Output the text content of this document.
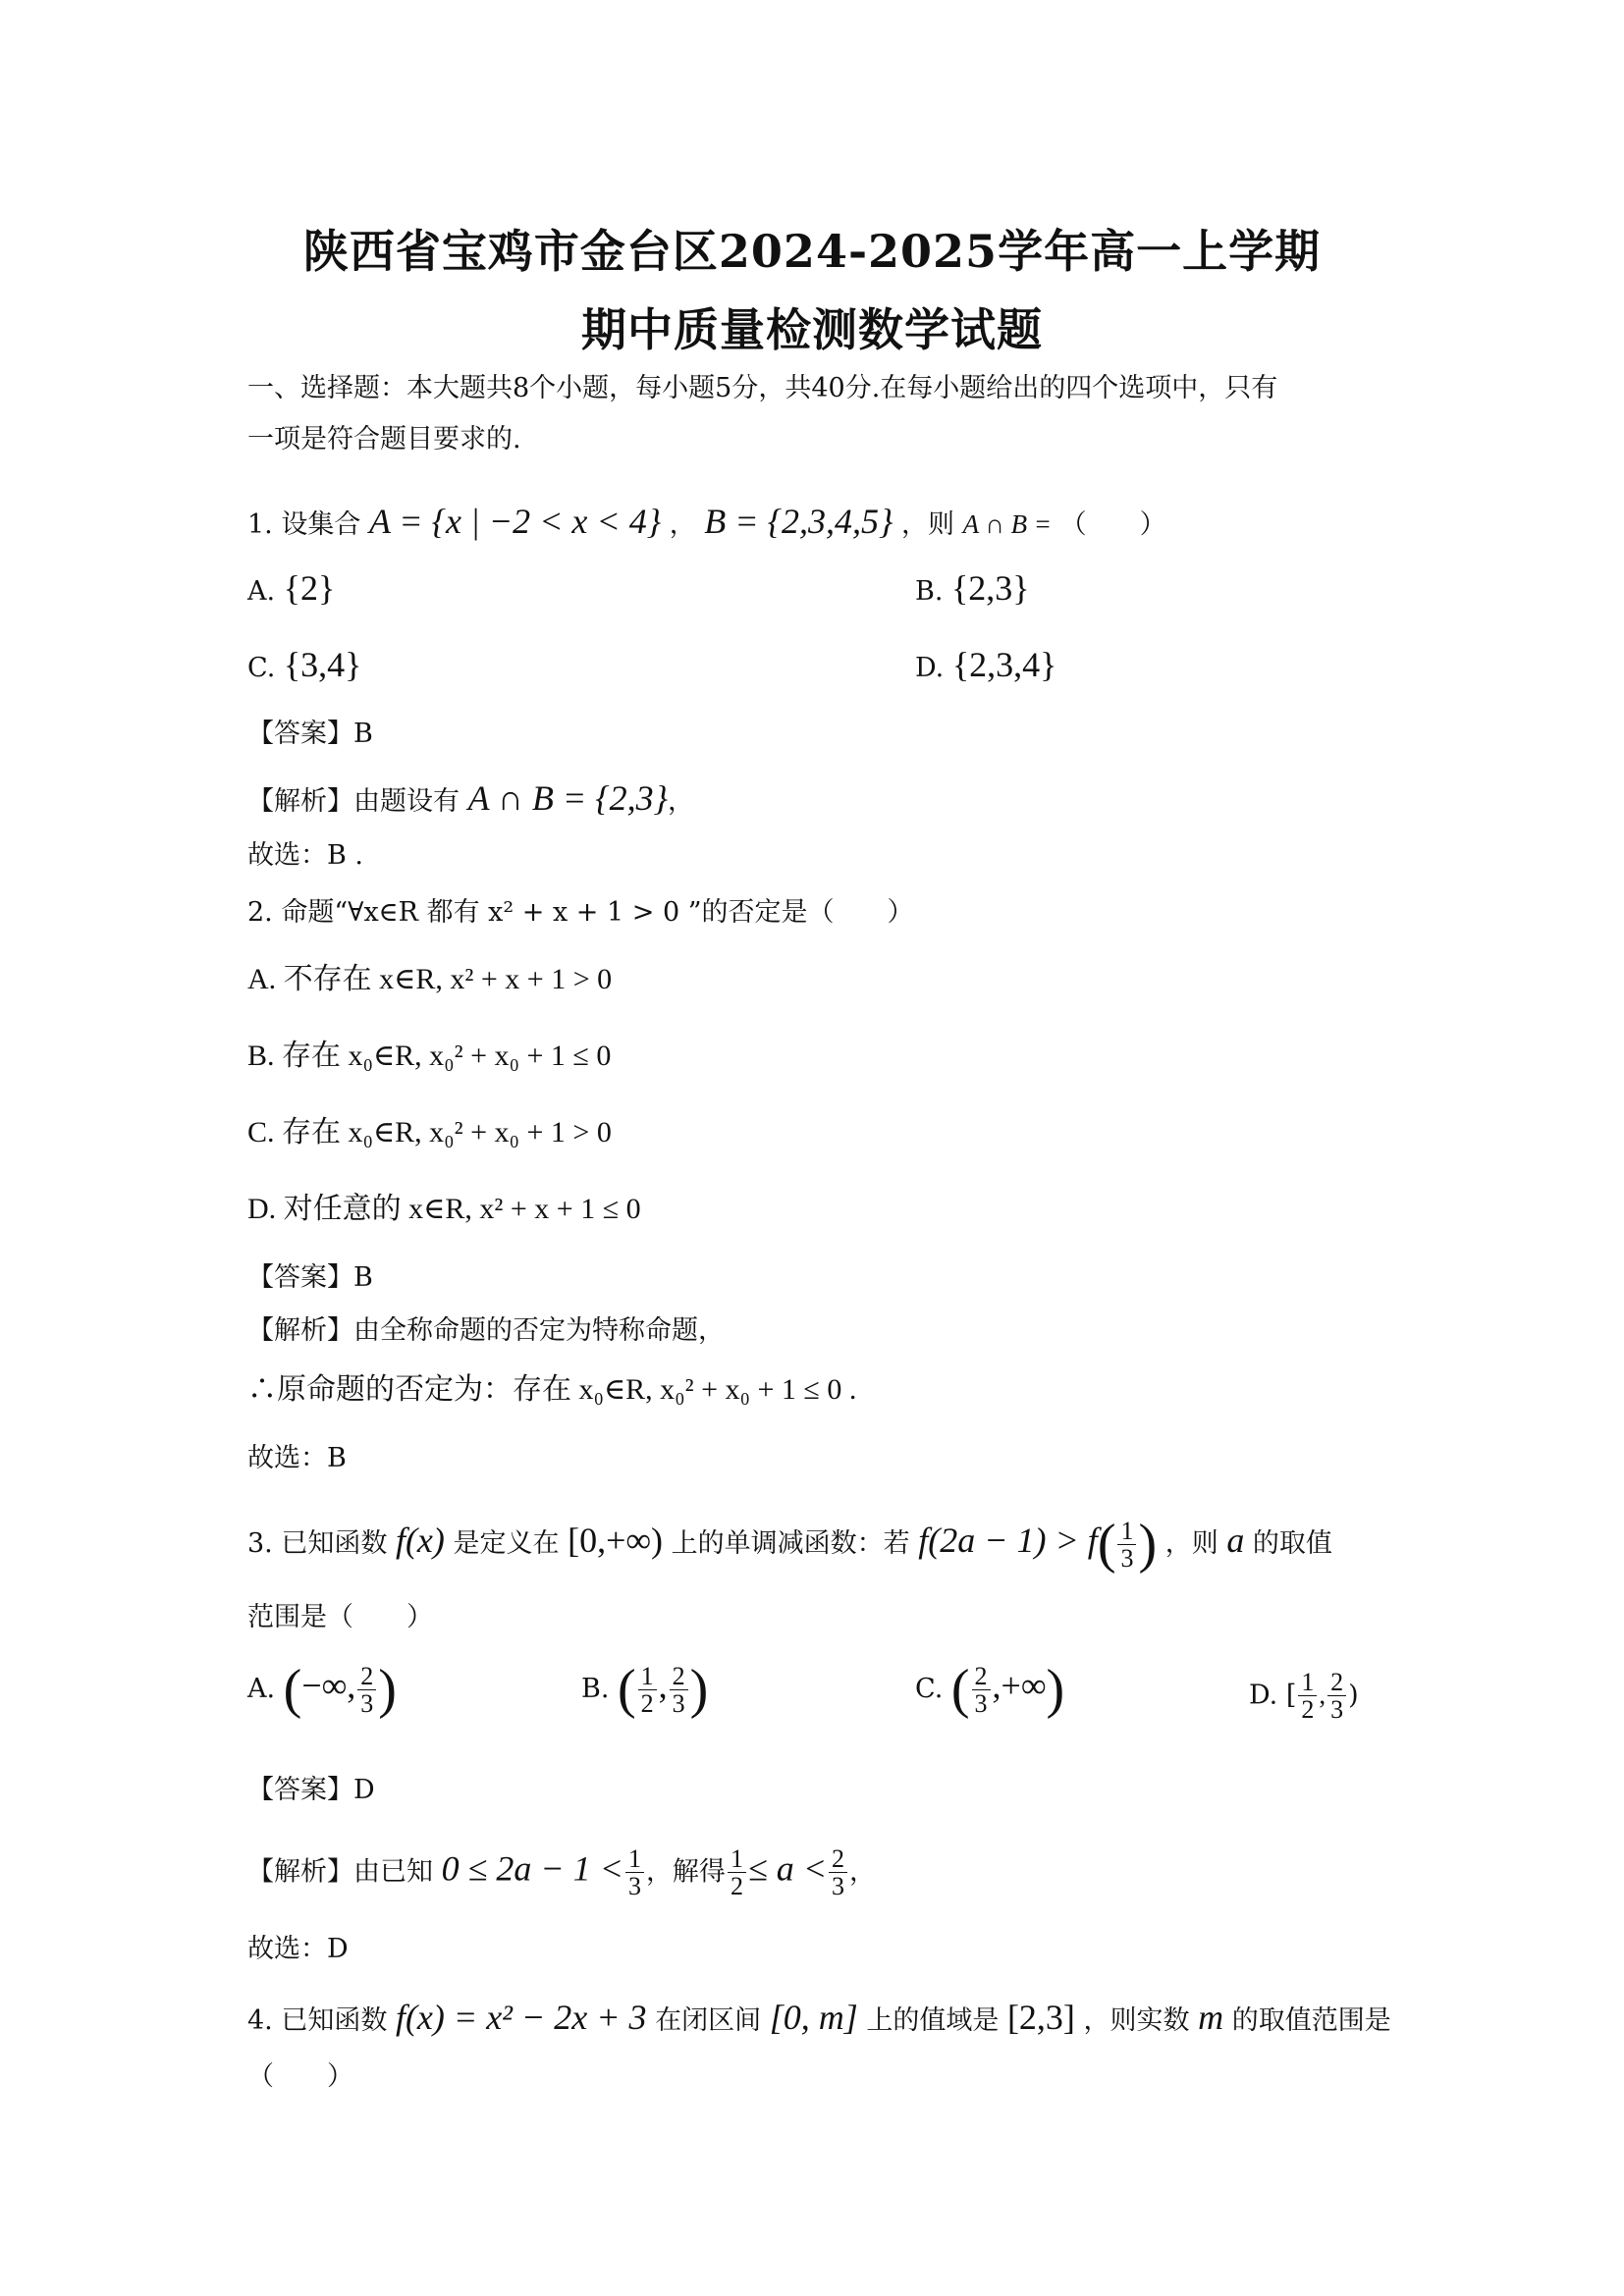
陕西省宝鸡市金台区2024-2025学年高一上学期
期中质量检测数学试题
一、选择题：本大题共8个小题，每小题5分，共40分.在每小题给出的四个选项中，只有
一项是符合题目要求的.
1. 设集合 A = {x | −2 < x < 4} ， B = {2,3,4,5} ，则 A ∩ B = （　　）
A. {2}	B. {2,3}
C. {3,4}	D. {2,3,4}
【答案】B
【解析】由题设有 A ∩ B = {2,3}，
故选：B .
2. 命题“∀x∈R 都有 x² + x + 1 > 0 ”的否定是（　　）
A. 不存在 x∈R, x² + x + 1 > 0
B. 存在 x₀∈R, x₀² + x₀ + 1 ≤ 0
C. 存在 x₀∈R, x₀² + x₀ + 1 > 0
D. 对任意的 x∈R, x² + x + 1 ≤ 0
【答案】B
【解析】由全称命题的否定为特称命题，
∴原命题的否定为：存在 x₀∈R, x₀² + x₀ + 1 ≤ 0 .
故选：B
3. 已知函数 f(x) 是定义在 [0,+∞) 上的单调减函数：若 $f(2a - 1) > f( \frac{1}{3}$ ) ，则 a 的取值
范围是（　　）
A. (−∞, $\frac{2}{3}$ )	B. ( $\frac{1}{2}$ , $\frac{2}{3}$ )	C. ( $\frac{2}{3}$ ,+∞)	D. [ $\frac{1}{2}$ , $\frac{2}{3}$ )
【答案】D
【解析】由已知 $0 \le 2a - 1 < \frac{1}{3}$ ，解得 $\frac{1}{2} \le a < \frac{2}{3}$ ，
故选：D
4. 已知函数 f(x) = x² − 2x + 3 在闭区间 [0, m] 上的值域是 [2,3] ，则实数 m 的取值范围是
（　　）
